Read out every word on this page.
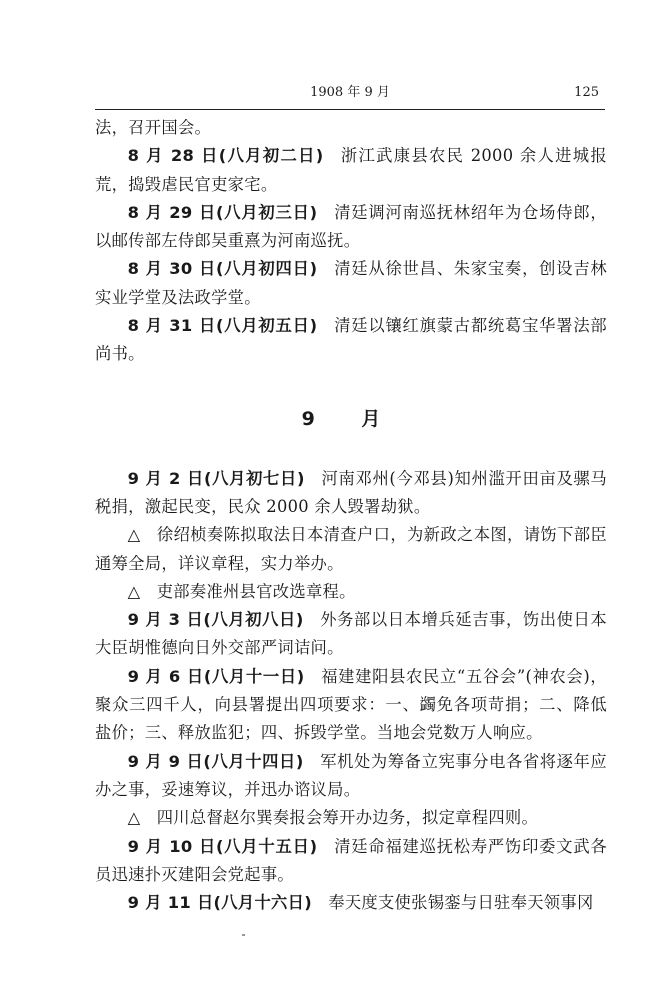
1908 年 9 月	125

法，召开国会。

8 月 28 日(八月初二日) 浙江武康县农民 2000 余人进城报荒，捣毁虐民官吏家宅。

8 月 29 日(八月初三日) 清廷调河南巡抚林绍年为仓场侍郎，以邮传部左侍郎吴重熹为河南巡抚。

8 月 30 日(八月初四日) 清廷从徐世昌、朱家宝奏，创设吉林实业学堂及法政学堂。

8 月 31 日(八月初五日) 清廷以镶红旗蒙古都统葛宝华署法部尚书。

9 月

9 月 2 日(八月初七日) 河南邓州(今邓县)知州滥开田亩及骡马税捐，激起民变，民众 2000 余人毁署劫狱。

△ 徐绍桢奏陈拟取法日本清查户口，为新政之本图，请饬下部臣通筹全局，详议章程，实力举办。

△ 吏部奏准州县官改选章程。

9 月 3 日(八月初八日) 外务部以日本增兵延吉事，饬出使日本大臣胡惟德向日外交部严词诘问。

9 月 6 日(八月十一日) 福建建阳县农民立“五谷会”(神农会)，聚众三四千人，向县署提出四项要求：一、蠲免各项苛捐；二、降低盐价；三、释放监犯；四、拆毁学堂。当地会党数万人响应。

9 月 9 日(八月十四日) 军机处为筹备立宪事分电各省将逐年应办之事，妥速筹议，并迅办谘议局。

△ 四川总督赵尔巽奏报会筹开办边务，拟定章程四则。

9 月 10 日(八月十五日) 清廷命福建巡抚松寿严饬印委文武各员迅速扑灭建阳会党起事。

9 月 11 日(八月十六日) 奉天度支使张锡銮与日驻奉天领事冈
